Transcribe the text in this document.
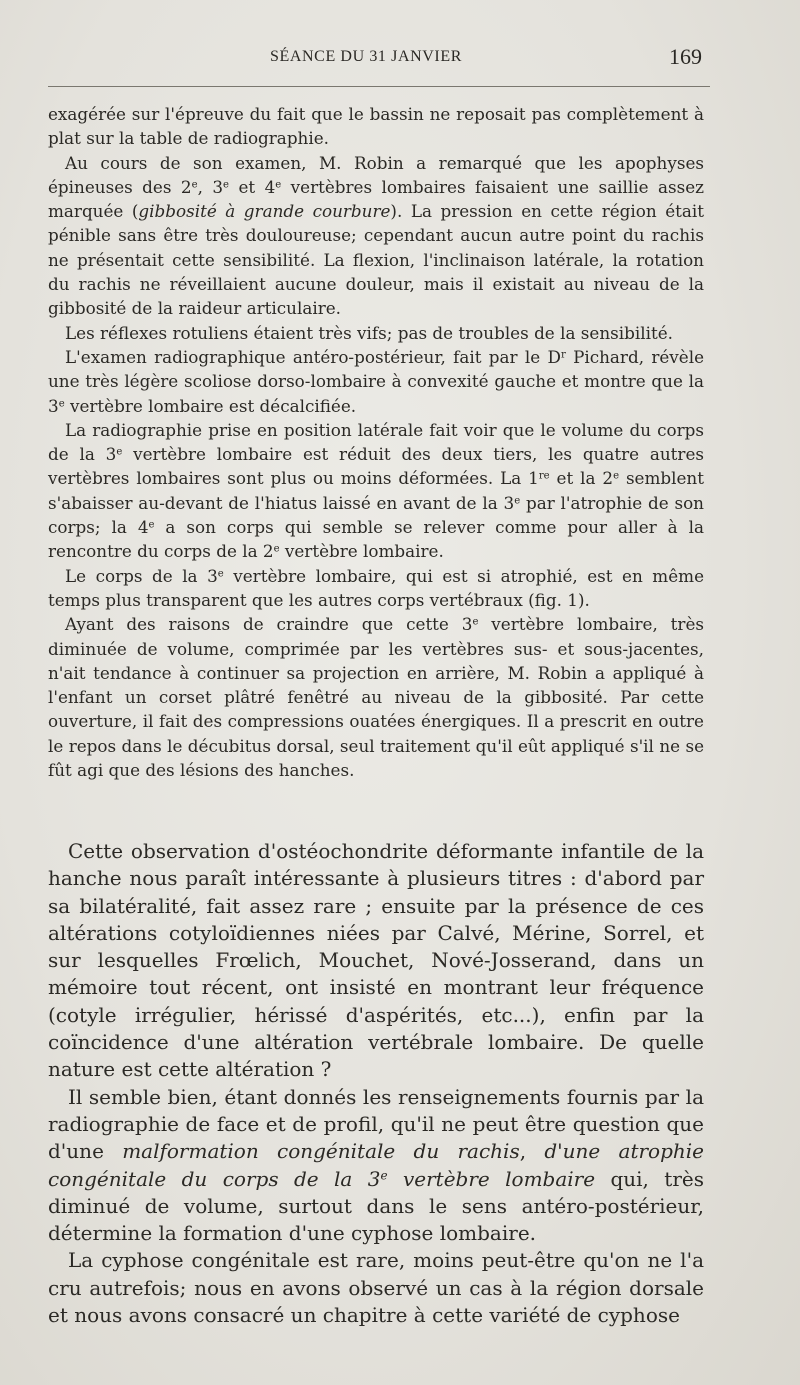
SÉANCE DU 31 JANVIER	169

exagérée sur l'épreuve du fait que le bassin ne reposait pas complètement à plat sur la table de radiographie.

Au cours de son examen, M. Robin a remarqué que les apophyses épineuses des 2e, 3e et 4e vertèbres lombaires faisaient une saillie assez marquée (gibbosité à grande courbure). La pression en cette région était pénible sans être très douloureuse; cependant aucun autre point du rachis ne présentait cette sensibilité. La flexion, l'inclinaison latérale, la rotation du rachis ne réveillaient aucune douleur, mais il existait au niveau de la gibbosité de la raideur articulaire.

Les réflexes rotuliens étaient très vifs; pas de troubles de la sensibilité.

L'examen radiographique antéro-postérieur, fait par le $D^r$ Pichard, révèle une très légère scoliose dorso-lombaire à convexité gauche et montre que la 3e vertèbre lombaire est décalcifiée.

La radiographie prise en position latérale fait voir que le volume du corps de la 3e vertèbre lombaire est réduit des deux tiers, les quatre autres vertèbres lombaires sont plus ou moins déformées. La 1re et la 2e semblent s'abaisser au-devant de l'hiatus laissé en avant de la 3e par l'atrophie de son corps; la 4e a son corps qui semble se relever comme pour aller à la rencontre du corps de la 2e vertèbre lombaire.

Le corps de la 3e vertèbre lombaire, qui est si atrophié, est en même temps plus transparent que les autres corps vertébraux (fig. 1).

Ayant des raisons de craindre que cette 3e vertèbre lombaire, très diminuée de volume, comprimée par les vertèbres sus- et sous-jacentes, n'ait tendance à continuer sa projection en arrière, M. Robin a appliqué à l'enfant un corset plâtré fenêtré au niveau de la gibbosité. Par cette ouverture, il fait des compressions ouatées énergiques. Il a prescrit en outre le repos dans le décubitus dorsal, seul traitement qu'il eût appliqué s'il ne se fût agi que des lésions des hanches.

Cette observation d'ostéochondrite déformante infantile de la hanche nous paraît intéressante à plusieurs titres : d'abord par sa bilatéralité, fait assez rare ; ensuite par la présence de ces altérations cotyloïdiennes niées par Calvé, Mérine, Sorrel, et sur lesquelles Frœlich, Mouchet, Nové-Josserand, dans un mémoire tout récent, ont insisté en montrant leur fréquence (cotyle irrégulier, hérissé d'aspérités, etc...), enfin par la coïncidence d'une altération vertébrale lombaire. De quelle nature est cette altération ?

Il semble bien, étant donnés les renseignements fournis par la radiographie de face et de profil, qu'il ne peut être question que d'une malformation congénitale du rachis, d'une atrophie congénitale du corps de la 3e vertèbre lombaire qui, très diminué de volume, surtout dans le sens antéro-postérieur, détermine la formation d'une cyphose lombaire.

La cyphose congénitale est rare, moins peut-être qu'on ne l'a cru autrefois; nous en avons observé un cas à la région dorsale et nous avons consacré un chapitre à cette variété de cyphose
